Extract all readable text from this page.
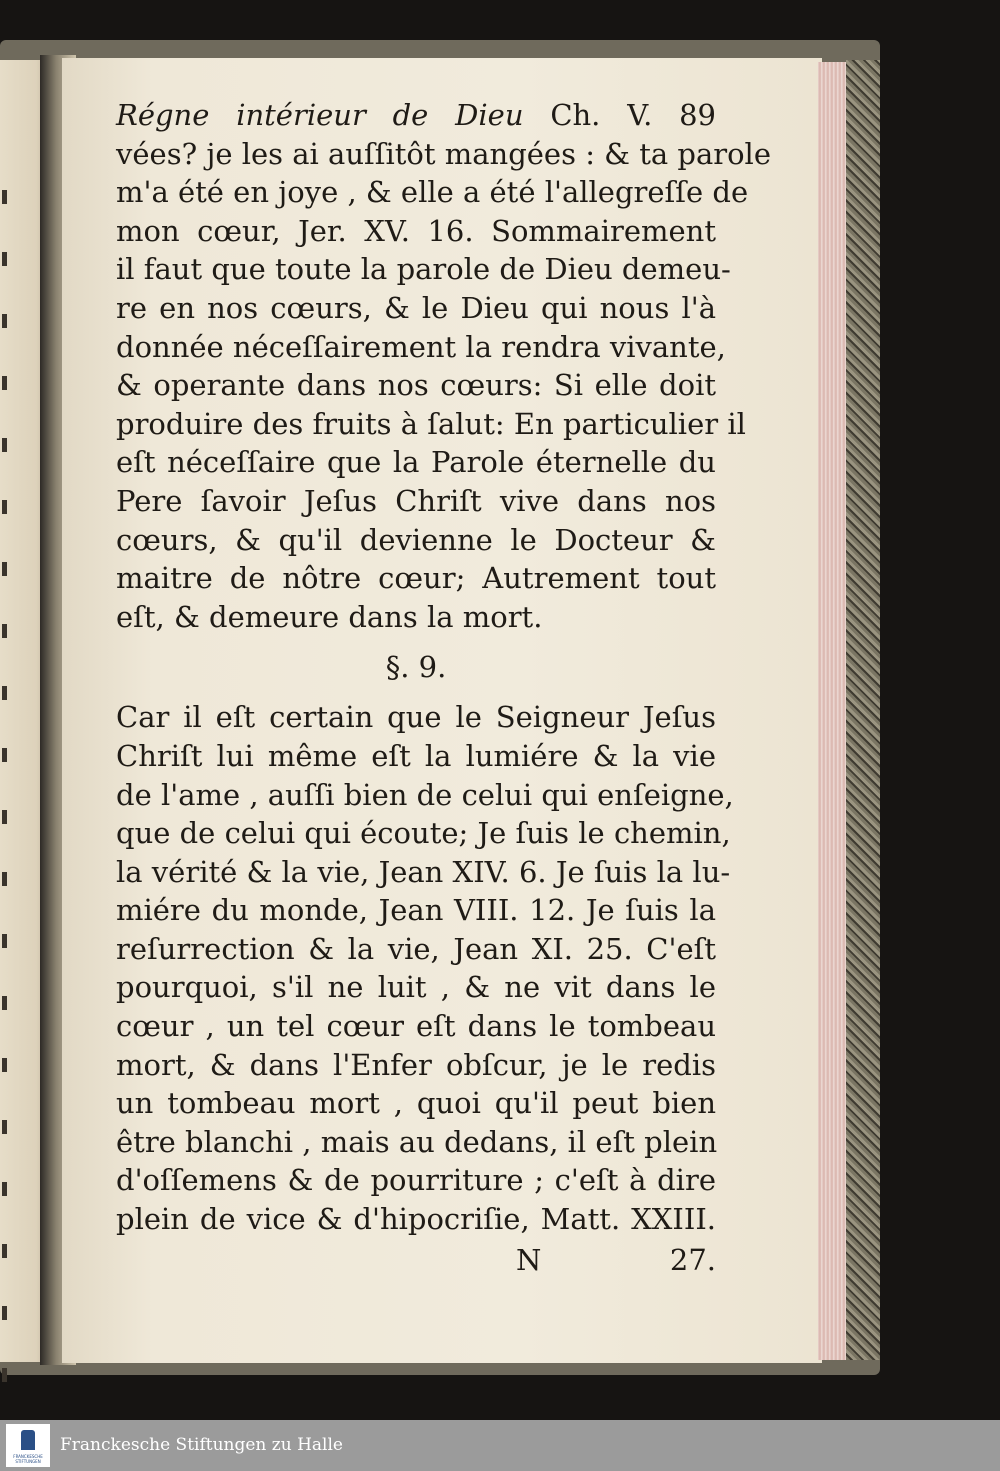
Régne intérieur de Dieu Ch. V. 89
vées? je les ai auſſitôt mangées : & ta parole
m'a été en joye , & elle a été l'allegreſſe de
mon cœur, Jer. XV. 16. Sommairement
il faut que toute la parole de Dieu demeu-
re en nos cœurs, & le Dieu qui nous l'à
donnée néceſſairement la rendra vivante,
& operante dans nos cœurs: Si elle doit
produire des fruits à ſalut: En particulier il
eſt néceſſaire que la Parole éternelle du
Pere ſavoir Jeſus Chriſt vive dans nos
cœurs, & qu'il devienne le Docteur &
maitre de nôtre cœur; Autrement tout
eſt, & demeure dans la mort.
§. 9.
Car il eſt certain que le Seigneur Jeſus
Chriſt lui même eſt la lumiére & la vie
de l'ame , auſſi bien de celui qui enſeigne,
que de celui qui écoute; Je ſuis le chemin,
la vérité & la vie, Jean XIV. 6. Je ſuis la lu-
miére du monde, Jean VIII. 12. Je ſuis la
reſurrection & la vie, Jean XI. 25. C'eſt
pourquoi, s'il ne luit , & ne vit dans le
cœur , un tel cœur eſt dans le tombeau
mort, & dans l'Enfer obſcur, je le redis
un tombeau mort , quoi qu'il peut bien
être blanchi , mais au dedans, il eſt plein
d'oſſemens & de pourriture ; c'eſt à dire
plein de vice & d'hipocriſie, Matt. XXIII.
N	27.
FRANCKESCHE STIFTUNGEN
Franckesche Stiftungen zu Halle
